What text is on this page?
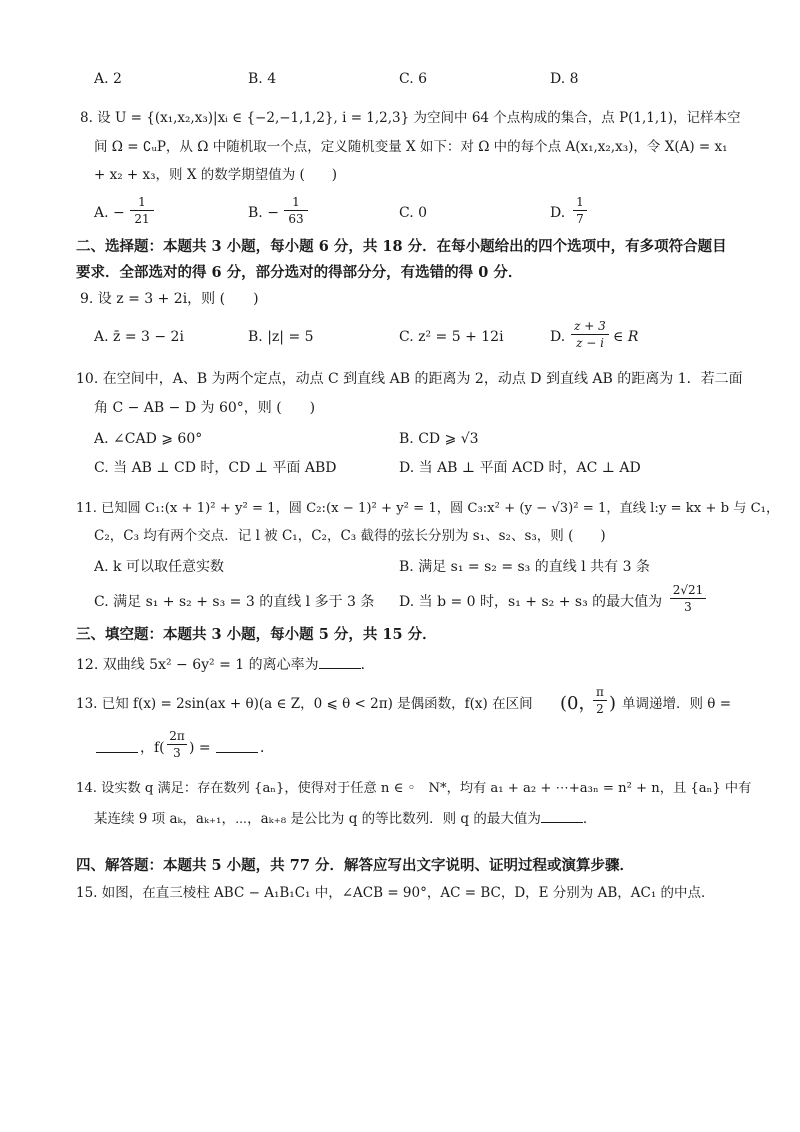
A. 2	B. 4	C. 6	D. 8
8. 设 U = {(x₁,x₂,x₃)|xᵢ ∈ {−2,−1,1,2}, i = 1,2,3} 为空间中 64 个点构成的集合，点 P(1,1,1)，记样本空
间 Ω = ∁ᵤP，从 Ω 中随机取一个点，定义随机变量 X 如下：对 Ω 中的每个点 A(x₁,x₂,x₃)，令 X(A) = x₁
+ x₂ + x₃，则 X 的数学期望值为 (　　)
A. − $\frac{1}{21}$	B. − $\frac{1}{63}$	C. 0	D. $\frac{1}{7}$
二、选择题：本题共 3 小题，每小题 6 分，共 18 分．在每小题给出的四个选项中，有多项符合题目
要求．全部选对的得 6 分，部分选对的得部分分，有选错的得 0 分．
9. 设 z = 3 + 2i，则 (　　)
A. z̄ = 3 − 2i	B. |z| = 5	C. z² = 5 + 12i	D. $\frac{z + 3}{z - i}$ ∈ R
10. 在空间中，A、B 为两个定点，动点 C 到直线 AB 的距离为 2，动点 D 到直线 AB 的距离为 1．若二面
角 C − AB − D 为 60°，则 (　　)
A. ∠CAD ⩾ 60°	B. CD ⩾ √3
C. 当 AB ⊥ CD 时，CD ⊥ 平面 ABD	D. 当 AB ⊥ 平面 ACD 时，AC ⊥ AD
11. 已知圆 C₁:(x + 1)² + y² = 1，圆 C₂:(x − 1)² + y² = 1，圆 C₃:x² + (y − √3)² = 1，直线 l:y = kx + b 与 C₁，
C₂，C₃ 均有两个交点．记 l 被 C₁，C₂，C₃ 截得的弦长分别为 s₁、s₂、s₃，则 (　　)
A. k 可以取任意实数	B. 满足 s₁ = s₂ = s₃ 的直线 l 共有 3 条
C. 满足 s₁ + s₂ + s₃ = 3 的直线 l 多于 3 条 D. 当 b = 0 时，s₁ + s₂ + s₃ 的最大值为 $\frac{2√21}{3}$
三、填空题：本题共 3 小题，每小题 5 分，共 15 分．
12. 双曲线 5x² − 6y² = 1 的离心率为	．
13. 已知 f(x) = 2sin(ax + θ)(a ∈ Z，0 ⩽ θ < 2π) 是偶函数，f(x) 在区间 (0，
$\frac{\pi}{2}$ ) 单调递增．则 θ =
，$f( \frac{2\pi}{3}$ ) =	．
14. 设实数 q 满足：存在数列 {aₙ}，使得对于任意 n ∈ ◦　N*，均有 a₁ + a₂ + ⋯+a₃ₙ = n² + n，且 {aₙ} 中有
某连续 9 项 aₖ，aₖ₊₁，⋯，aₖ₊₈ 是公比为 q 的等比数列．则 q 的最大值为	．
四、解答题：本题共 5 小题，共 77 分．解答应写出文字说明、证明过程或演算步骤．
15. 如图，在直三棱柱 ABC − A₁B₁C₁ 中，∠ACB = 90°，AC = BC，D，E 分别为 AB，AC₁ 的中点．
